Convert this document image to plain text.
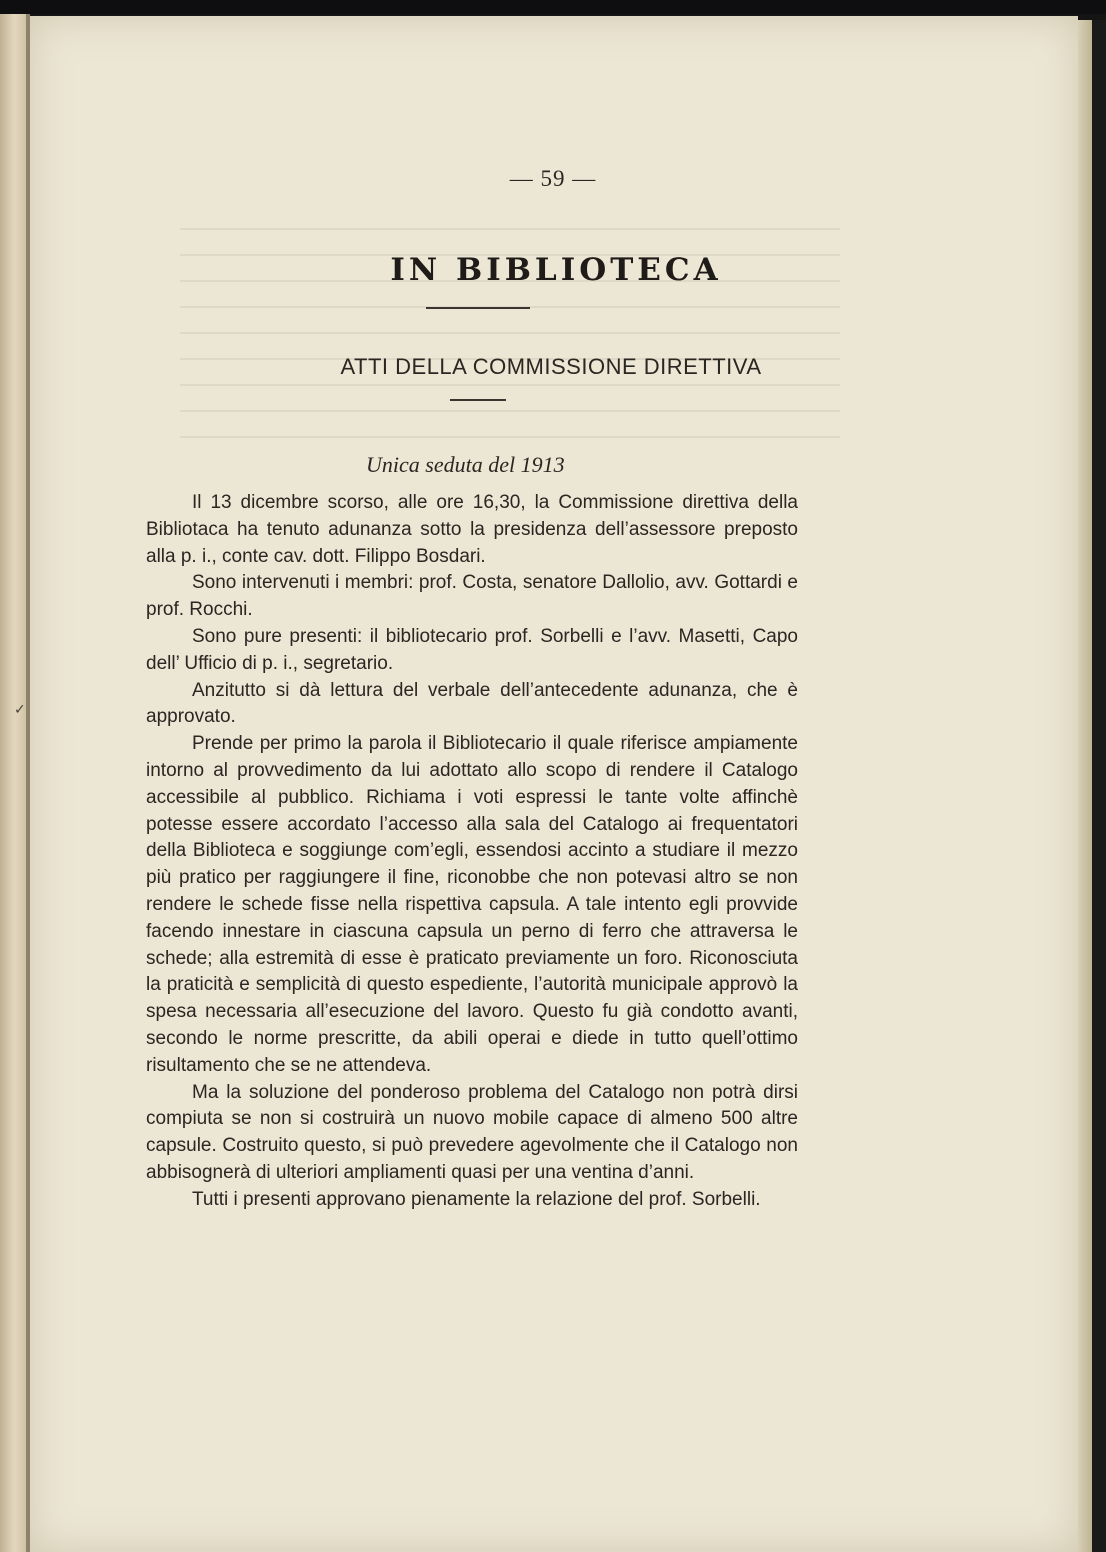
— 59 —
IN BIBLIOTECA
ATTI DELLA COMMISSIONE DIRETTIVA
Unica seduta del 1913

Il 13 dicembre scorso, alle ore 16,30, la Commissione direttiva della Bibliotaca ha tenuto adunanza sotto la presidenza dell’assessore preposto alla p. i., conte cav. dott. Filippo Bosdari.

Sono intervenuti i membri: prof. Costa, senatore Dallolio, avv. Gottardi e prof. Rocchi.

Sono pure presenti: il bibliotecario prof. Sorbelli e l’avv. Masetti, Capo dell’ Ufficio di p. i., segretario.

Anzitutto si dà lettura del verbale dell’antecedente adunanza, che è approvato.

Prende per primo la parola il Bibliotecario il quale riferisce ampiamente intorno al provvedimento da lui adottato allo scopo di rendere il Catalogo accessibile al pubblico. Richiama i voti espressi le tante volte affinchè potesse essere accordato l’accesso alla sala del Catalogo ai frequentatori della Biblioteca e soggiunge com’egli, essendosi accinto a studiare il mezzo più pratico per raggiungere il fine, riconobbe che non potevasi altro se non rendere le schede fisse nella rispettiva capsula. A tale intento egli provvide facendo innestare in ciascuna capsula un perno di ferro che attraversa le schede; alla estremità di esse è praticato previamente un foro. Riconosciuta la praticità e semplicità di questo espediente, l’autorità municipale approvò la spesa necessaria all’esecuzione del lavoro. Questo fu già condotto avanti, secondo le norme prescritte, da abili operai e diede in tutto quell’ottimo risultamento che se ne attendeva.

Ma la soluzione del ponderoso problema del Catalogo non potrà dirsi compiuta se non si costruirà un nuovo mobile capace di almeno 500 altre capsule. Costruito questo, si può prevedere agevolmente che il Catalogo non abbisognerà di ulteriori ampliamenti quasi per una ventina d’anni.

Tutti i presenti approvano pienamente la relazione del prof. Sorbelli.

✓
